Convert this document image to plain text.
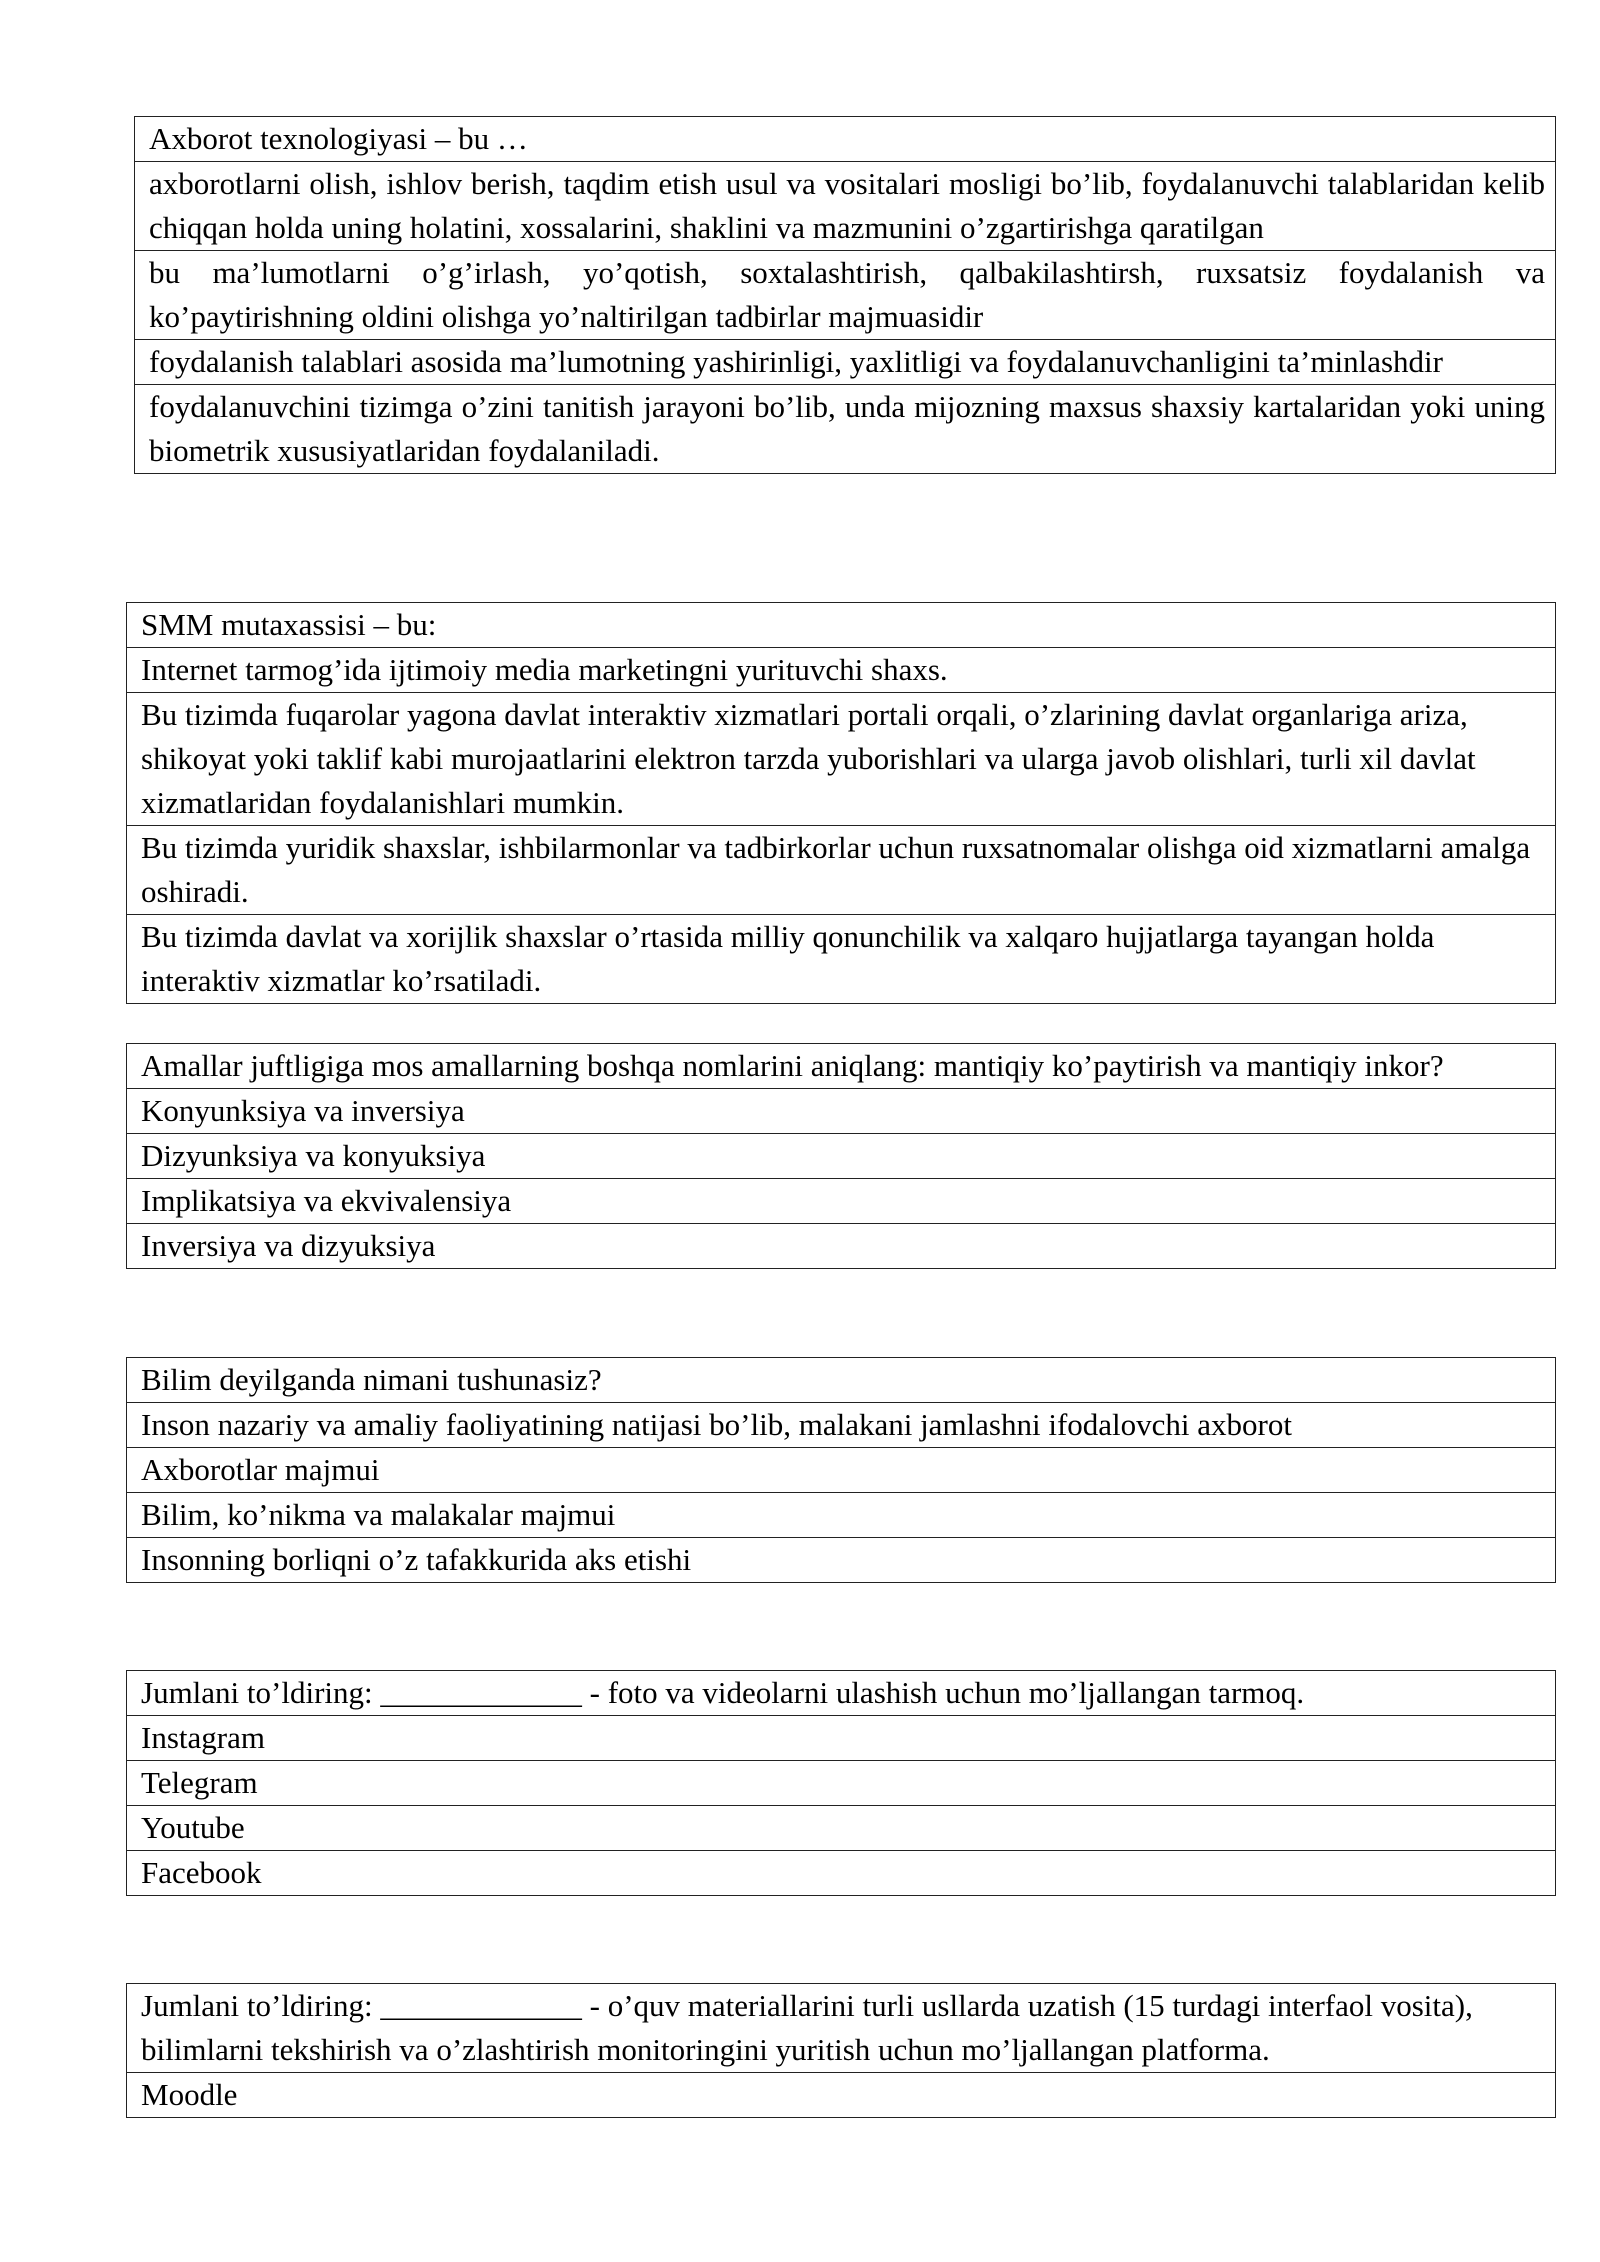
Axborot texnologiyasi – bu …
axborotlarni olish, ishlov berish, taqdim etish usul va vositalari mosligi bo’lib, foydalanuvchi talablaridan kelib chiqqan holda uning holatini, xossalarini, shaklini va mazmunini o’zgartirishga qaratilgan
bu ma’lumotlarni o’g’irlash, yo’qotish, soxtalashtirish, qalbakilashtirsh, ruxsatsiz foydalanish va ko’paytirishning oldini olishga yo’naltirilgan tadbirlar majmuasidir
foydalanish talablari asosida ma’lumotning yashirinligi, yaxlitligi va foydalanuvchanligini ta’minlashdir
foydalanuvchini tizimga o’zini tanitish jarayoni bo’lib, unda mijozning maxsus shaxsiy kartalaridan yoki uning biometrik xususiyatlaridan foydalaniladi.
SMM mutaxassisi – bu:
Internet tarmog’ida ijtimoiy media marketingni yurituvchi shaxs.
Bu tizimda fuqarolar yagona davlat interaktiv xizmatlari portali orqali, o’zlarining davlat organlariga ariza, shikoyat yoki taklif kabi murojaatlarini elektron tarzda yuborishlari va ularga javob olishlari, turli xil davlat xizmatlaridan foydalanishlari mumkin.
Bu tizimda yuridik shaxslar, ishbilarmonlar va tadbirkorlar uchun ruxsatnomalar olishga oid xizmatlarni amalga oshiradi.
Bu tizimda davlat va xorijlik shaxslar o’rtasida milliy qonunchilik va xalqaro hujjatlarga tayangan holda interaktiv xizmatlar ko’rsatiladi.
Amallar juftligiga mos amallarning boshqa nomlarini aniqlang: mantiqiy ko’paytirish va mantiqiy inkor?
Konyunksiya va inversiya
Dizyunksiya va konyuksiya
Implikatsiya va ekvivalensiya
Inversiya va dizyuksiya
Bilim deyilganda nimani tushunasiz?
Inson nazariy va amaliy faoliyatining natijasi bo’lib, malakani jamlashni ifodalovchi axborot
Axborotlar majmui
Bilim, ko’nikma va malakalar majmui
Insonning borliqni o’z tafakkurida aks etishi
Jumlani to’ldiring: _____________ - foto va videolarni ulashish uchun mo’ljallangan tarmoq.
Instagram
Telegram
Youtube
Facebook
Jumlani to’ldiring: _____________ - o’quv materiallarini turli usllarda uzatish (15 turdagi interfaol vosita), bilimlarni tekshirish va o’zlashtirish monitoringini yuritish uchun mo’ljallangan platforma.
Moodle
